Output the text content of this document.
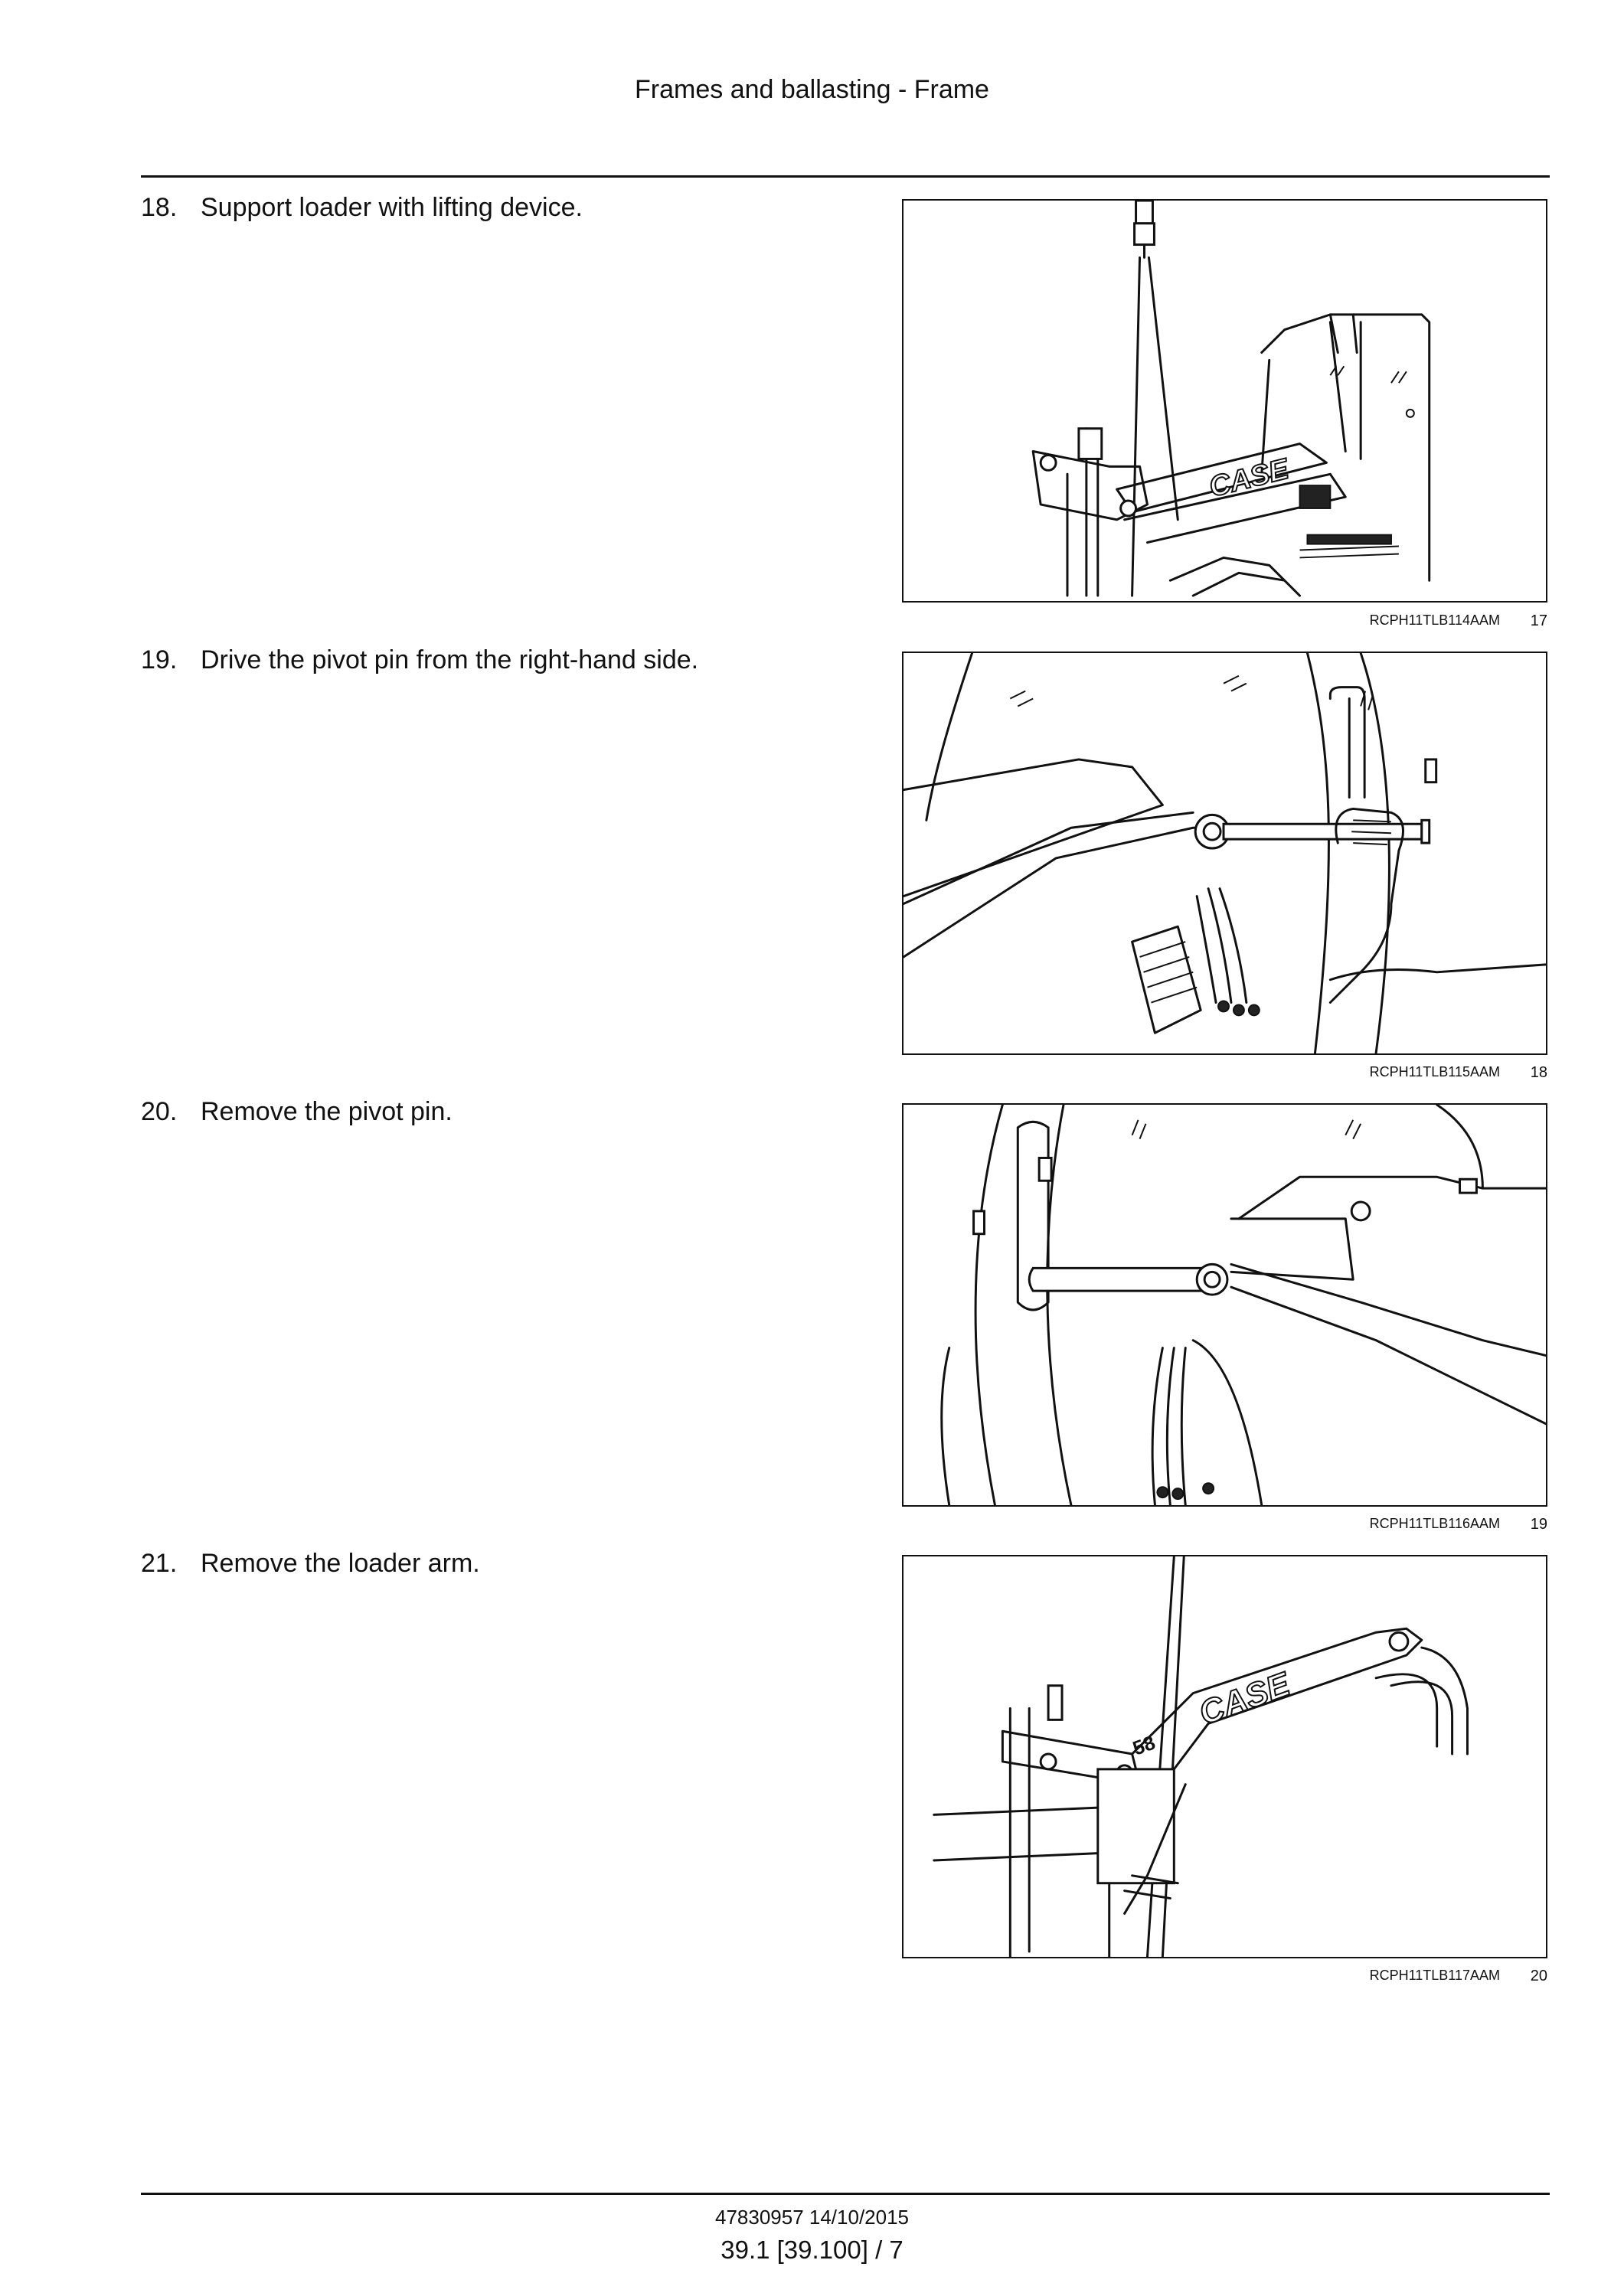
Frames and ballasting - Frame
18. Support loader with lifting device.
CASE
RCPH11TLB114AAM 17
19. Drive the pivot pin from the right-hand side.
RCPH11TLB115AAM 18
20. Remove the pivot pin.
RCPH11TLB116AAM 19
21. Remove the loader arm.
CASE
58
RCPH11TLB117AAM 20
47830957 14/10/2015
39.1 [39.100] / 7
